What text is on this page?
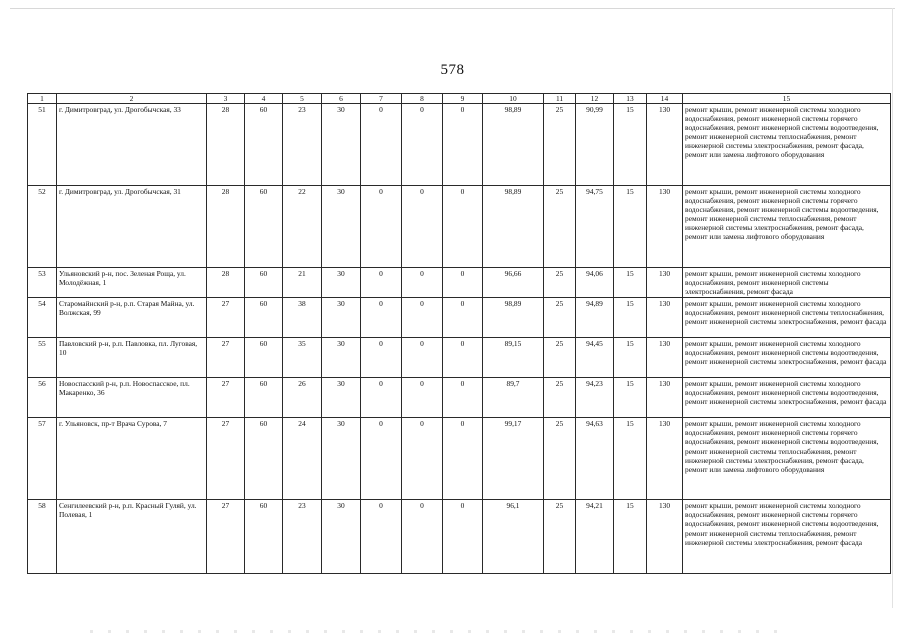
578
1	2	3	4	5	6	7	8	9	10	11	12	13	14	15
51	г. Димитровград, ул. Дрогобычская, 33	28	60	23	30	0	0	0	98,89	25	90,99	15	130	ремонт крыши, ремонт инженерной системы холодного водоснабжения, ремонт инженерной системы горячего водоснабжения, ремонт инженерной системы водоотведения, ремонт инженерной системы теплоснабжения, ремонт инженерной системы электроснабжения, ремонт фасада, ремонт или замена лифтового оборудования
52	г. Димитровград, ул. Дрогобычская, 31	28	60	22	30	0	0	0	98,89	25	94,75	15	130	ремонт крыши, ремонт инженерной системы холодного водоснабжения, ремонт инженерной системы горячего водоснабжения, ремонт инженерной системы водоотведения, ремонт инженерной системы теплоснабжения, ремонт инженерной системы электроснабжения, ремонт фасада, ремонт или замена лифтового оборудования
53	Ульяновский р-н, пос. Зеленая Роща, ул. Молодёжная, 1	28	60	21	30	0	0	0	96,66	25	94,06	15	130	ремонт крыши, ремонт инженерной системы холодного водоснабжения, ремонт инженерной системы электроснабжения, ремонт фасада
54	Старомайнский р-н, р.п. Старая Майна, ул. Волжская, 99	27	60	38	30	0	0	0	98,89	25	94,89	15	130	ремонт крыши, ремонт инженерной системы холодного водоснабжения, ремонт инженерной системы теплоснабжения, ремонт инженерной системы электроснабжения, ремонт фасада
55	Павловский р-н, р.п. Павловка, пл. Луговая, 10	27	60	35	30	0	0	0	89,15	25	94,45	15	130	ремонт крыши, ремонт инженерной системы холодного водоснабжения, ремонт инженерной системы водоотведения, ремонт инженерной системы электроснабжения, ремонт фасада
56	Новоспасский р-н, р.п. Новоспасское, пл. Макаренко, 36	27	60	26	30	0	0	0	89,7	25	94,23	15	130	ремонт крыши, ремонт инженерной системы холодного водоснабжения, ремонт инженерной системы водоотведения, ремонт инженерной системы электроснабжения, ремонт фасада
57	г. Ульяновск, пр-т Врача Сурова, 7	27	60	24	30	0	0	0	99,17	25	94,63	15	130	ремонт крыши, ремонт инженерной системы холодного водоснабжения, ремонт инженерной системы горячего водоснабжения, ремонт инженерной системы водоотведения, ремонт инженерной системы теплоснабжения, ремонт инженерной системы электроснабжения, ремонт фасада, ремонт или замена лифтового оборудования
58	Сенгилеевский р-н, р.п. Красный Гуляй, ул. Полевая, 1	27	60	23	30	0	0	0	96,1	25	94,21	15	130	ремонт крыши, ремонт инженерной системы холодного водоснабжения, ремонт инженерной системы горячего водоснабжения, ремонт инженерной системы водоотведения, ремонт инженерной системы теплоснабжения, ремонт инженерной системы электроснабжения, ремонт фасада
